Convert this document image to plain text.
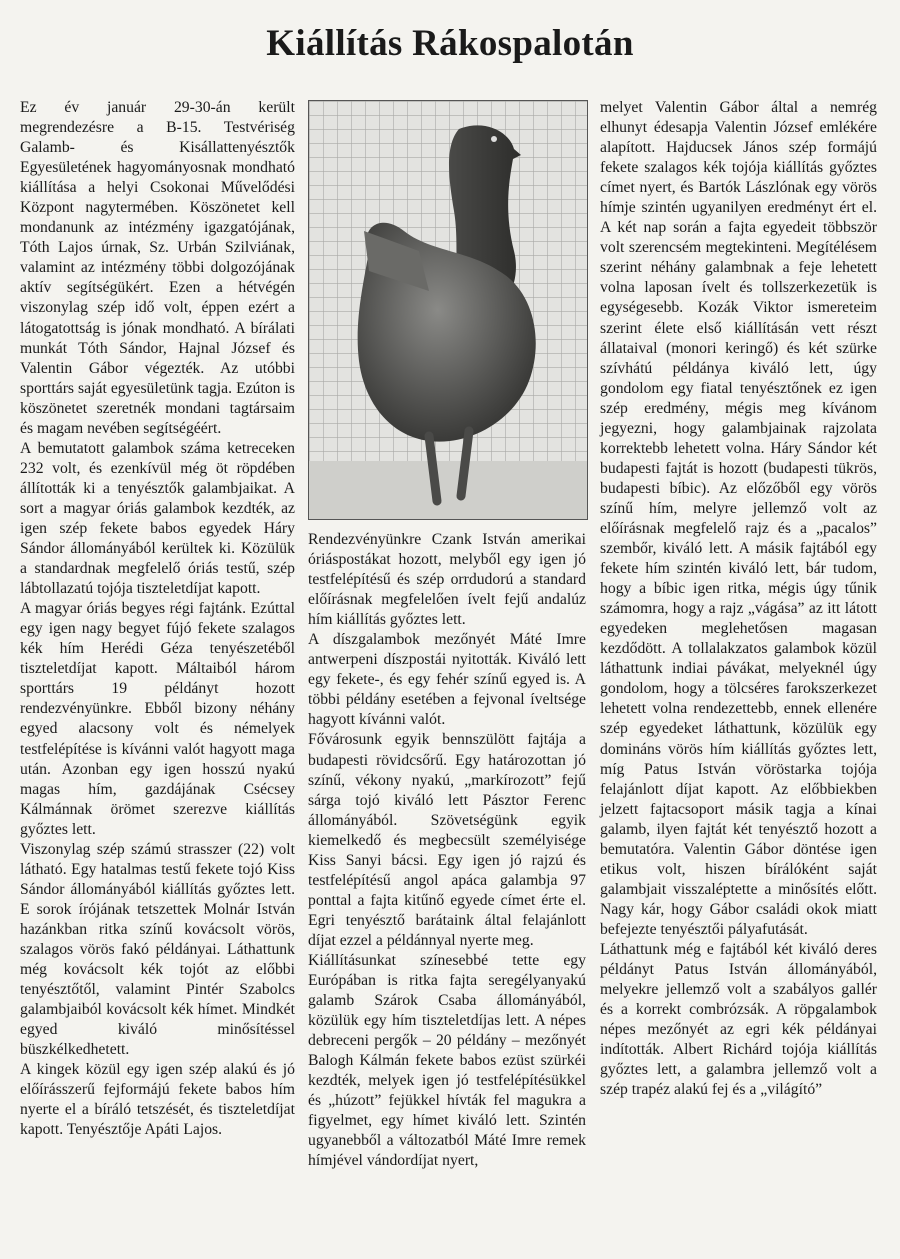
Kiállítás Rákospalotán

Ez év január 29-30-án került megrendezésre a B-15. Testvériség Galamb- és Kisállattenyésztők Egyesületének hagyományosnak mondható kiállítása a helyi Csokonai Művelődési Központ nagytermében. Köszönetet kell mondanunk az intézmény igazgatójának, Tóth Lajos úrnak, Sz. Urbán Szilviának, valamint az intézmény többi dolgozójának aktív segítségükért. Ezen a hétvégén viszonylag szép idő volt, éppen ezért a látogatottság is jónak mondható. A bírálati munkát Tóth Sándor, Hajnal József és Valentin Gábor végezték. Az utóbbi sporttárs saját egyesületünk tagja. Ezúton is köszönetet szeretnék mondani tagtársaim és magam nevében segítségéért.

A bemutatott galambok száma ketreceken 232 volt, és ezenkívül még öt röpdében állították ki a tenyésztők galambjaikat. A sort a magyar óriás galambok kezdték, az igen szép fekete babos egyedek Háry Sándor állományából kerültek ki. Közülük a standardnak megfelelő óriás testű, szép lábtollazatú tojója tiszteletdíjat kapott.

A magyar óriás begyes régi fajtánk. Ezúttal egy igen nagy begyet fújó fekete szalagos kék hím Herédi Géza tenyészetéből tiszteletdíjat kapott. Máltaiból három sporttárs 19 példányt hozott rendezvényünkre. Ebből bizony néhány egyed alacsony volt és némelyek testfelépítése is kívánni valót hagyott maga után. Azonban egy igen hosszú nyakú magas hím, gazdájának Csécsey Kálmánnak örömet szerezve kiállítás győztes lett.

Viszonylag szép számú strasszer (22) volt látható. Egy hatalmas testű fekete tojó Kiss Sándor állományából kiállítás győztes lett. E sorok írójának tetszettek Molnár István hazánkban ritka színű kovácsolt vörös, szalagos vörös fakó példányai. Láthattunk még kovácsolt kék tojót az előbbi tenyésztőtől, valamint Pintér Szabolcs galambjaiból kovácsolt kék hímet. Mindkét egyed kiváló minősítéssel büszkélkedhetett.

A kingek közül egy igen szép alakú és jó előírásszerű fejformájú fekete babos hím nyerte el a bíráló tetszését, és tiszteletdíjat kapott. Tenyésztője Apáti Lajos.

Rendezvényünkre Czank István amerikai óriáspostákat hozott, melyből egy igen jó testfelépítésű és szép orrdudorú a standard előírásnak megfelelően ívelt fejű andalúz hím kiállítás győztes lett.

A díszgalambok mezőnyét Máté Imre antwerpeni díszpostái nyitották. Kiváló lett egy fekete-, és egy fehér színű egyed is. A többi példány esetében a fejvonal íveltsége hagyott kívánni valót.

Fővárosunk egyik bennszülött fajtája a budapesti rövidcsőrű. Egy határozottan jó színű, vékony nyakú, „markírozott” fejű sárga tojó kiváló lett Pásztor Ferenc állományából. Szövetségünk egyik kiemelkedő és megbecsült személyisége Kiss Sanyi bácsi. Egy igen jó rajzú és testfelépítésű angol apáca galambja 97 ponttal a fajta kitűnő egyede címet érte el. Egri tenyésztő barátaink által felajánlott díjat ezzel a példánnyal nyerte meg.

Kiállításunkat színesebbé tette egy Európában is ritka fajta seregélyanyakú galamb Szárok Csaba állományából, közülük egy hím tiszteletdíjas lett. A népes debreceni pergők – 20 példány – mezőnyét Balogh Kálmán fekete babos ezüst szürkéi kezdték, melyek igen jó testfelépítésükkel és „húzott” fejükkel hívták fel magukra a figyelmet, egy hímet kiváló lett. Szintén ugyanebből a változatból Máté Imre remek hímjével vándordíjat nyert,

melyet Valentin Gábor által a nemrég elhunyt édesapja Valentin József emlékére alapított. Hajducsek János szép formájú fekete szalagos kék tojója kiállítás győztes címet nyert, és Bartók Lászlónak egy vörös hímje szintén ugyanilyen eredményt ért el. A két nap során a fajta egyedeit többször volt szerencsém megtekinteni. Megítélésem szerint néhány galambnak a feje lehetett volna laposan ívelt és tollszerkezetük is egységesebb. Kozák Viktor ismereteim szerint élete első kiállításán vett részt állataival (monori keringő) és két szürke szívhátú példánya kiváló lett, úgy gondolom egy fiatal tenyésztőnek ez igen szép eredmény, mégis meg kívánom jegyezni, hogy galambjainak rajzolata korrektebb lehetett volna. Háry Sándor két budapesti fajtát is hozott (budapesti tükrös, budapesti bíbic). Az előzőből egy vörös színű hím, melyre jellemző volt az előírásnak megfelelő rajz és a „pacalos” szembőr, kiváló lett. A másik fajtából egy fekete hím szintén kiváló lett, bár tudom, hogy a bíbic igen ritka, mégis úgy tűnik számomra, hogy a rajz „vágása” az itt látott egyedeken meglehetősen magasan kezdődött. A tollalakzatos galambok közül láthattunk indiai pávákat, melyeknél úgy gondolom, hogy a tölcséres farokszerkezet lehetett volna rendezettebb, ennek ellenére szép egyedeket láthattunk, közülük egy domináns vörös hím kiállítás győztes lett, míg Patus István vöröstarka tojója felajánlott díjat kapott. Az előbbiekben jelzett fajtacsoport másik tagja a kínai galamb, ilyen fajtát két tenyésztő hozott a bemutatóra. Valentin Gábor döntése igen etikus volt, hiszen bírálóként saját galambjait visszaléptette a minősítés előtt. Nagy kár, hogy Gábor családi okok miatt befejezte tenyésztői pályafutását.

Láthattunk még e fajtából két kiváló deres példányt Patus István állományából, melyekre jellemző volt a szabályos gallér és a korrekt combrózsák. A röpgalambok népes mezőnyét az egri kék példányai indították. Albert Richárd tojója kiállítás győztes lett, a galambra jellemző volt a szép trapéz alakú fej és a „világító”
